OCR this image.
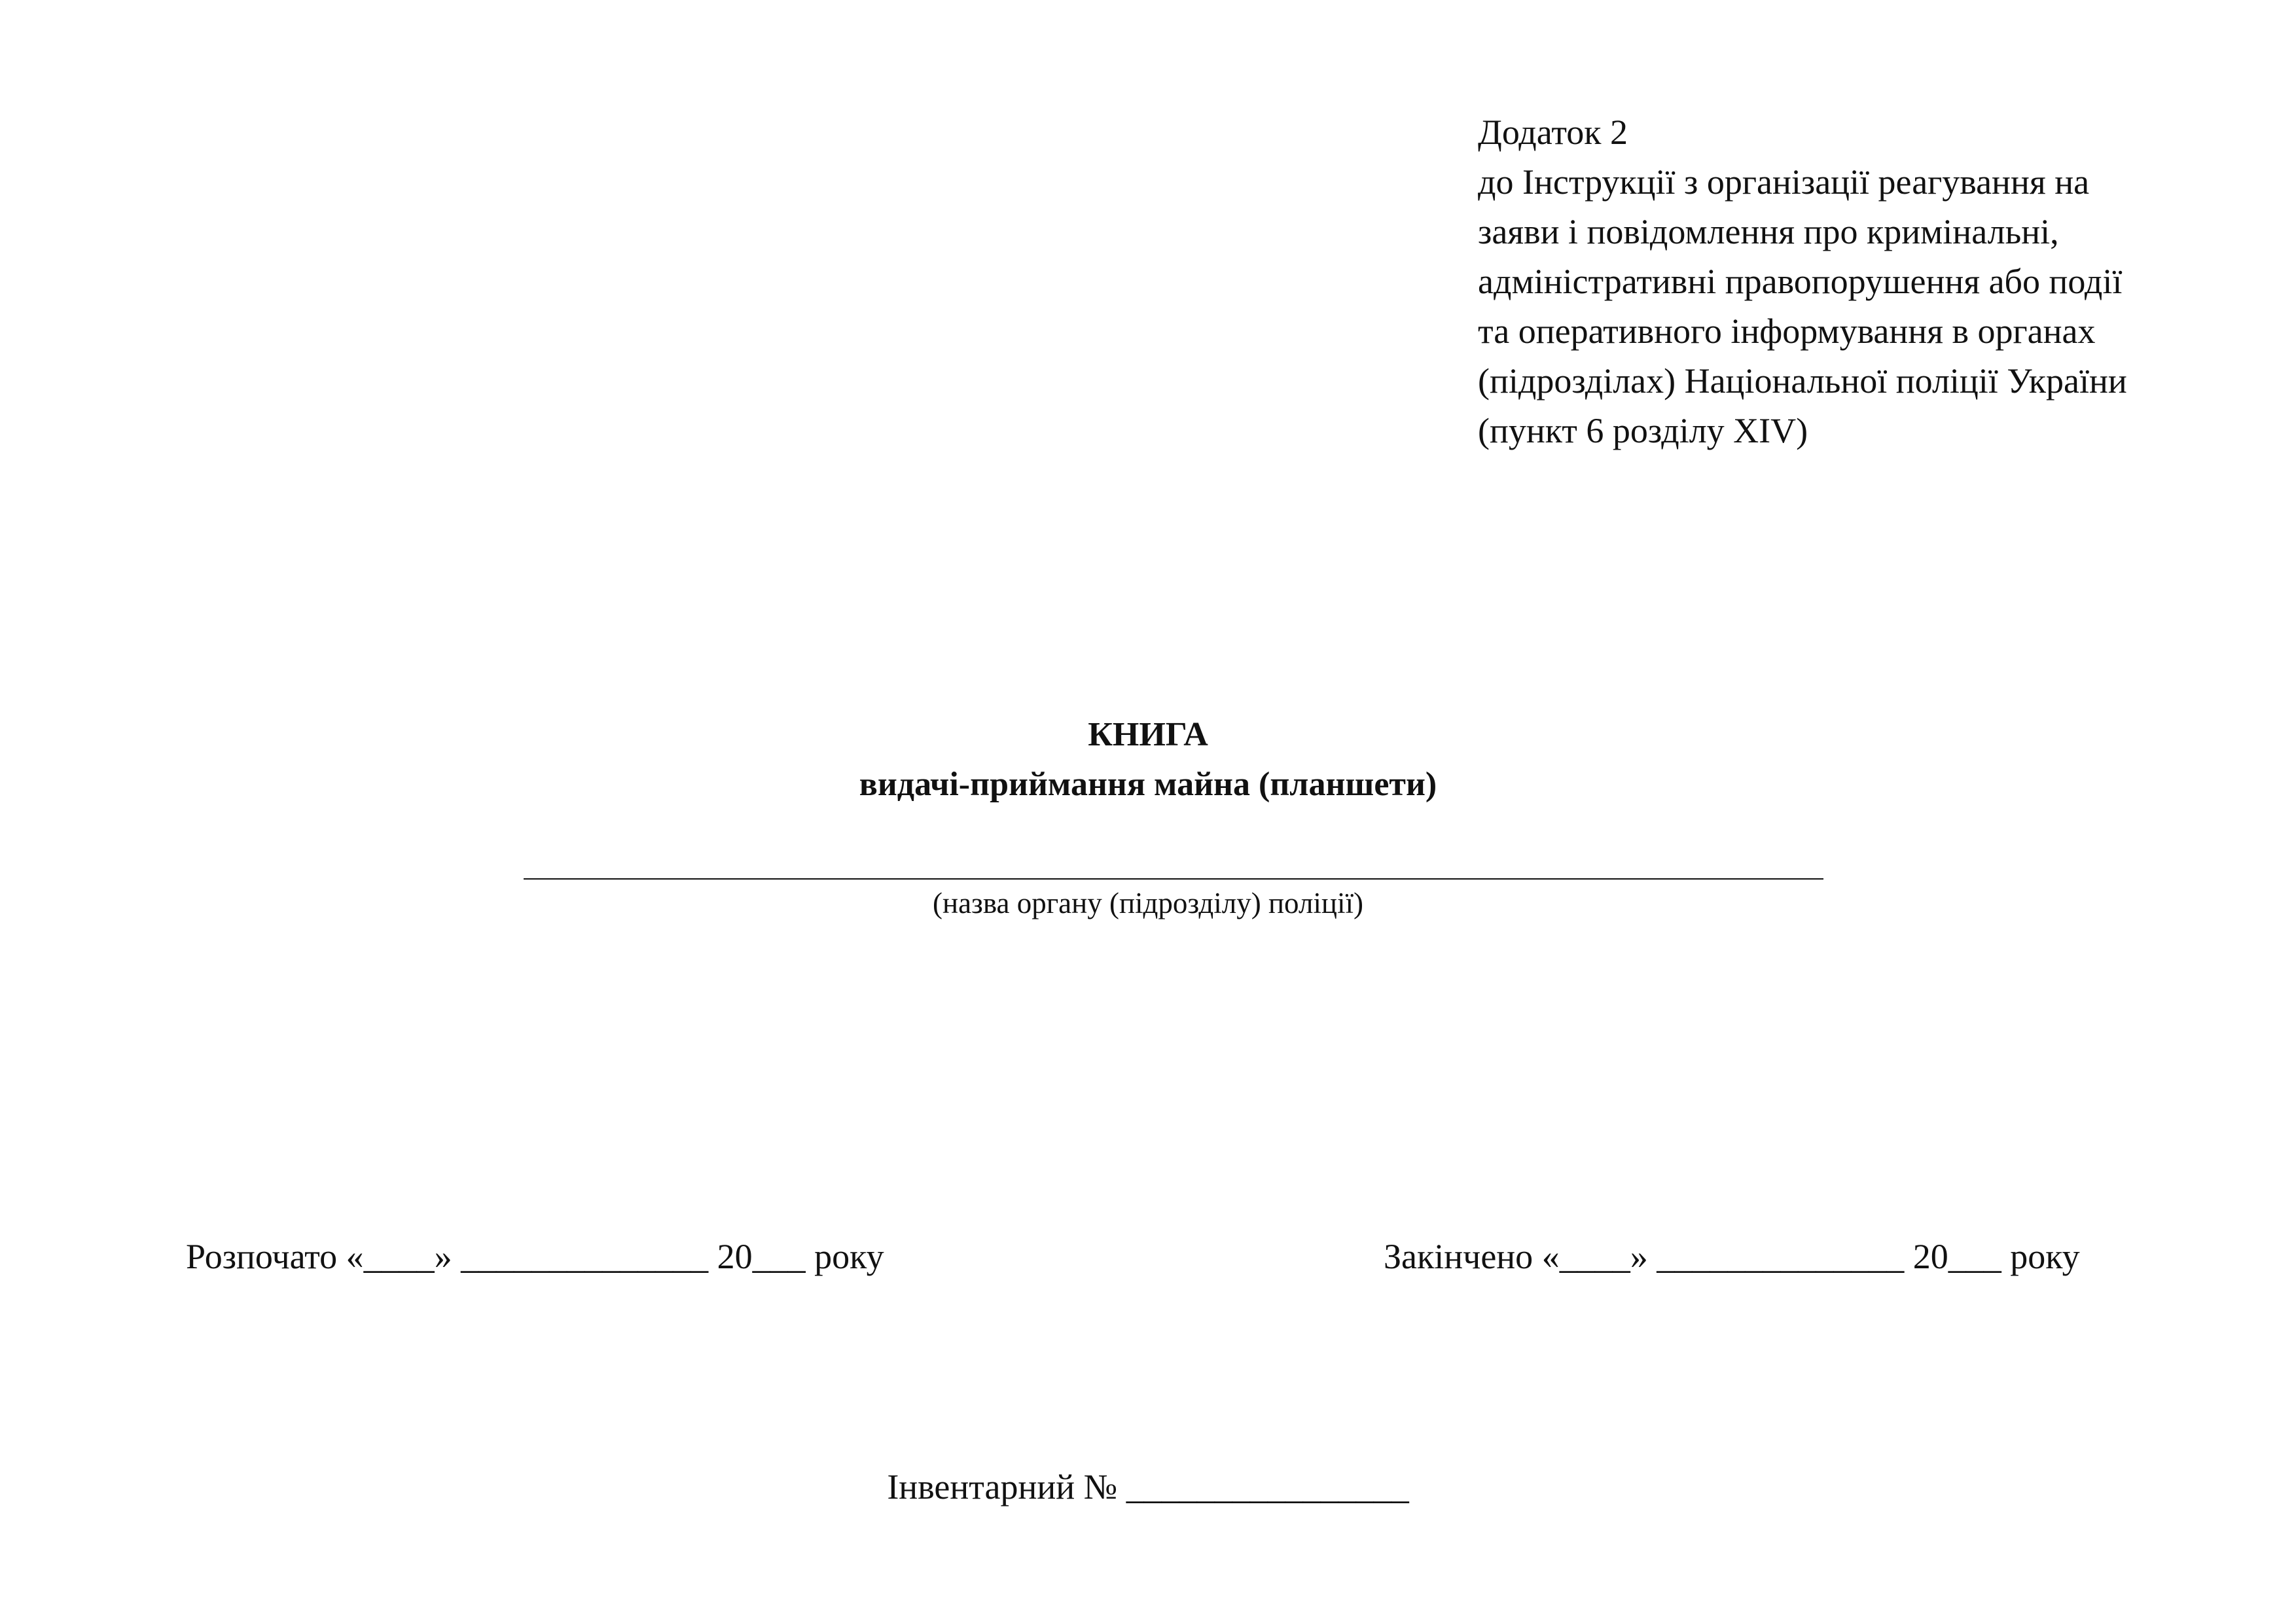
Додаток 2
до Інструкції з організації реагування на
заяви і повідомлення про кримінальні,
адміністративні правопорушення або події
та оперативного інформування в органах
(підрозділах) Національної поліції України
(пункт 6 розділу XIV)
КНИГА
видачі-приймання майна (планшети)
(назва органу (підрозділу) поліції)
Розпочато «____» ______________ 20___ року	Закінчено «____» ______________ 20___ року
Інвентарний № ________________
